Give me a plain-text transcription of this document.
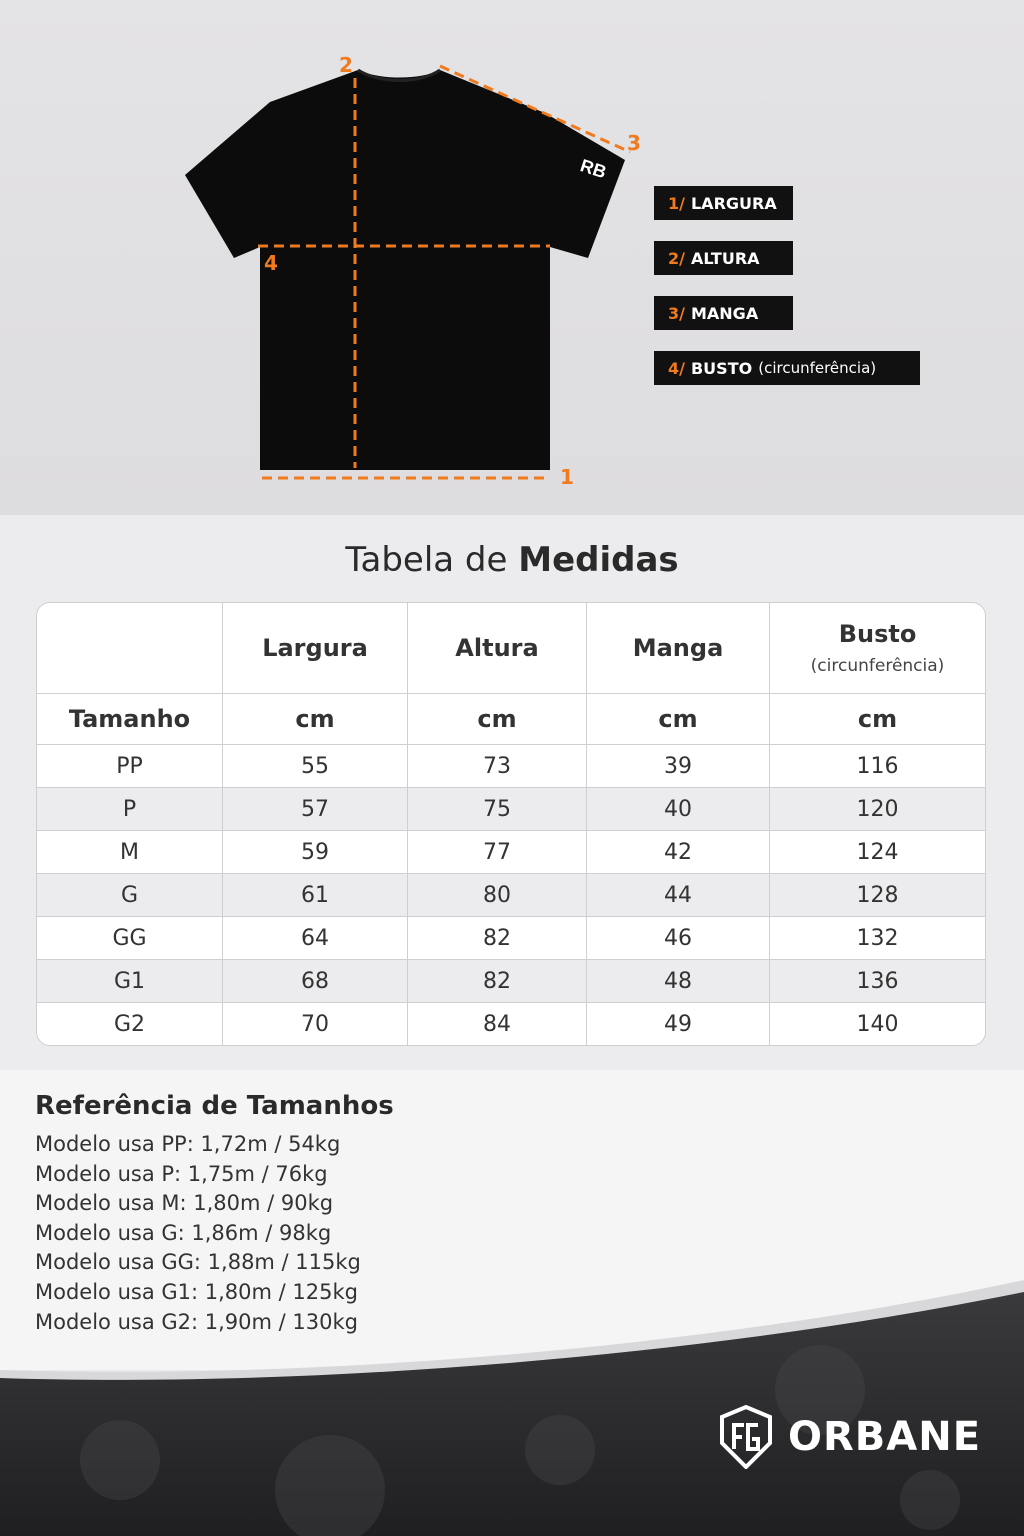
RB
1
2
3
4
1/ LARGURA
2/ ALTURA
3/ MANGA
4/ BUSTO (circunferência)
Tabela de Medidas
	Largura	Altura	Manga	Busto
(circunferência)

Tamanho	cm	cm	cm	cm
PP	55	73	39	116
P	57	75	40	120
M	59	77	42	124
G	61	80	44	128
GG	64	82	46	132
G1	68	82	48	136
G2	70	84	49	140
Referência de Tamanhos
Modelo usa PP: 1,72m / 54kg
Modelo usa P: 1,75m / 76kg
Modelo usa M: 1,80m / 90kg
Modelo usa G: 1,86m / 98kg
Modelo usa GG: 1,88m / 115kg
Modelo usa G1: 1,80m / 125kg
Modelo usa G2: 1,90m / 130kg
ORBANE
